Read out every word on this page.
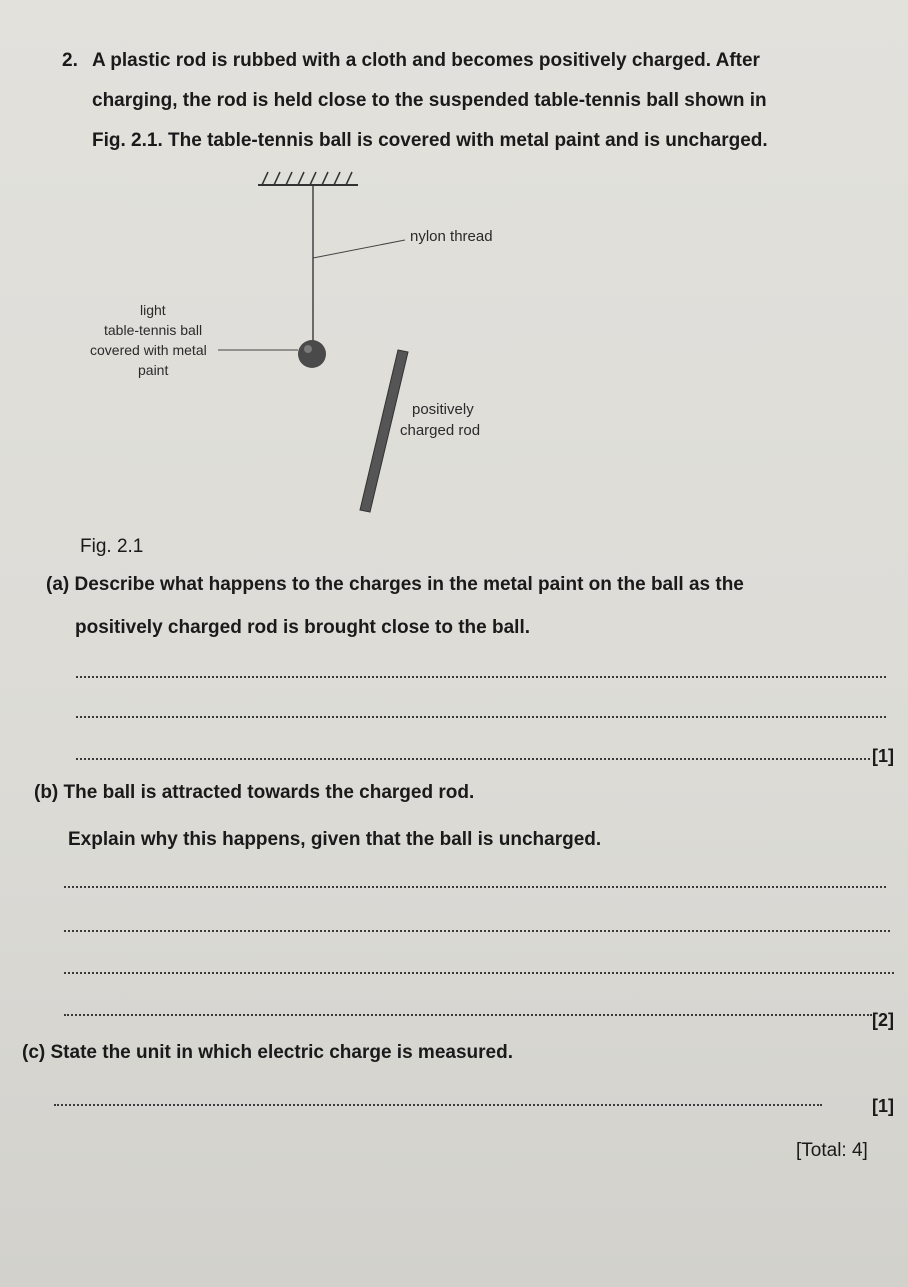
2. A plastic rod is rubbed with a cloth and becomes positively charged. After
charging, the rod is held close to the suspended table-tennis ball shown in
Fig. 2.1. The table-tennis ball is covered with metal paint and is uncharged.
nylon thread
light
table-tennis ball
covered with metal
paint
positively
charged rod
Fig. 2.1
(a) Describe what happens to the charges in the metal paint on the ball as the
positively charged rod is brought close to the ball.
[1]
(b) The ball is attracted towards the charged rod.
Explain why this happens, given that the ball is uncharged.
[2]
(c) State the unit in which electric charge is measured.
[1]
[Total: 4]
